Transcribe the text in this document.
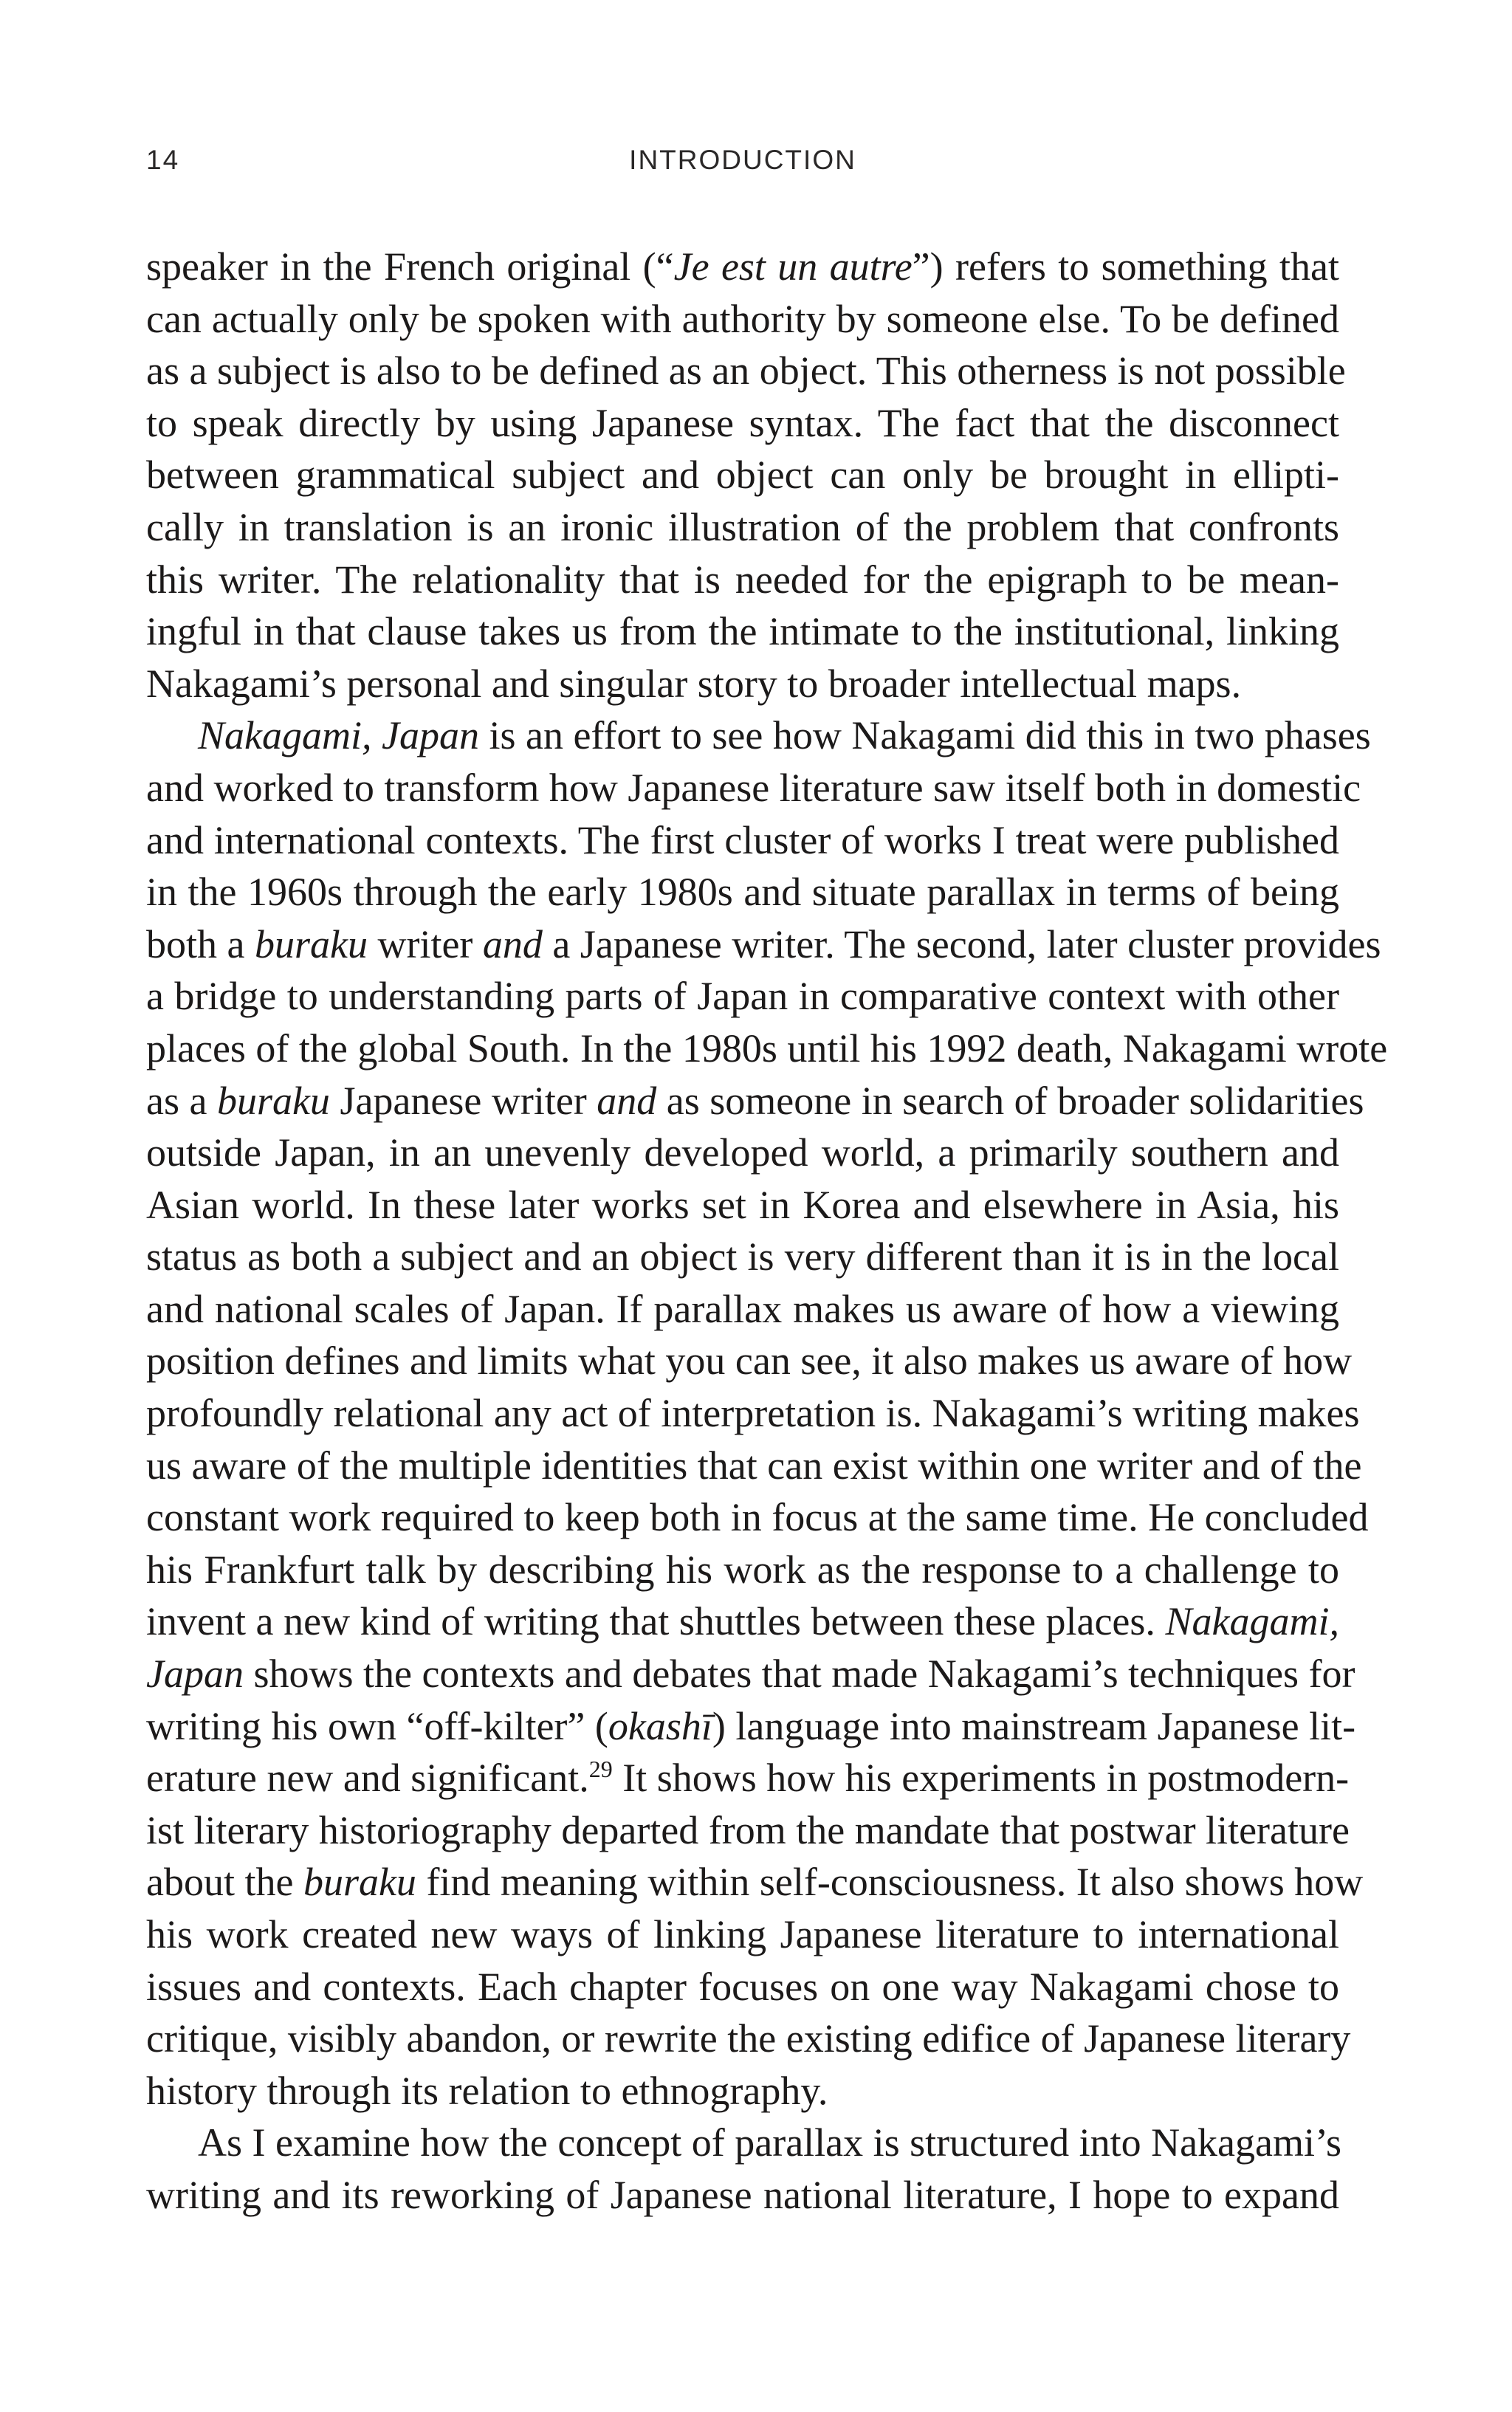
14	INTRODUCTION
speaker in the French original (“Je est un autre”) refers to something that
can actually only be spoken with authority by someone else. To be defined
as a subject is also to be defined as an object. This otherness is not possible
to speak directly by using Japanese syntax. The fact that the disconnect
between grammatical subject and object can only be brought in ellipti-
cally in translation is an ironic illustration of the problem that confronts
this writer. The relationality that is needed for the epigraph to be mean-
ingful in that clause takes us from the intimate to the institutional, linking
Nakagami’s personal and singular story to broader intellectual maps.
Nakagami, Japan is an effort to see how Nakagami did this in two phases
and worked to transform how Japanese literature saw itself both in domestic
and international contexts. The first cluster of works I treat were published
in the 1960s through the early 1980s and situate parallax in terms of being
both a buraku writer and a Japanese writer. The second, later cluster provides
a bridge to understanding parts of Japan in comparative context with other
places of the global South. In the 1980s until his 1992 death, Nakagami wrote
as a buraku Japanese writer and as someone in search of broader solidarities
outside Japan, in an unevenly developed world, a primarily southern and
Asian world. In these later works set in Korea and elsewhere in Asia, his
status as both a subject and an object is very different than it is in the local
and national scales of Japan. If parallax makes us aware of how a viewing
position defines and limits what you can see, it also makes us aware of how
profoundly relational any act of interpretation is. Nakagami’s writing makes
us aware of the multiple identities that can exist within one writer and of the
constant work required to keep both in focus at the same time. He concluded
his Frankfurt talk by describing his work as the response to a challenge to
invent a new kind of writing that shuttles between these places. Nakagami,
Japan shows the contexts and debates that made Nakagami’s techniques for
writing his own “off-kilter” (okashī) language into mainstream Japanese lit-
erature new and significant.$^{29}$ It shows how his experiments in postmodern-
ist literary historiography departed from the mandate that postwar literature
about the buraku find meaning within self-consciousness. It also shows how
his work created new ways of linking Japanese literature to international
issues and contexts. Each chapter focuses on one way Nakagami chose to
critique, visibly abandon, or rewrite the existing edifice of Japanese literary
history through its relation to ethnography.
As I examine how the concept of parallax is structured into Nakagami’s
writing and its reworking of Japanese national literature, I hope to expand
